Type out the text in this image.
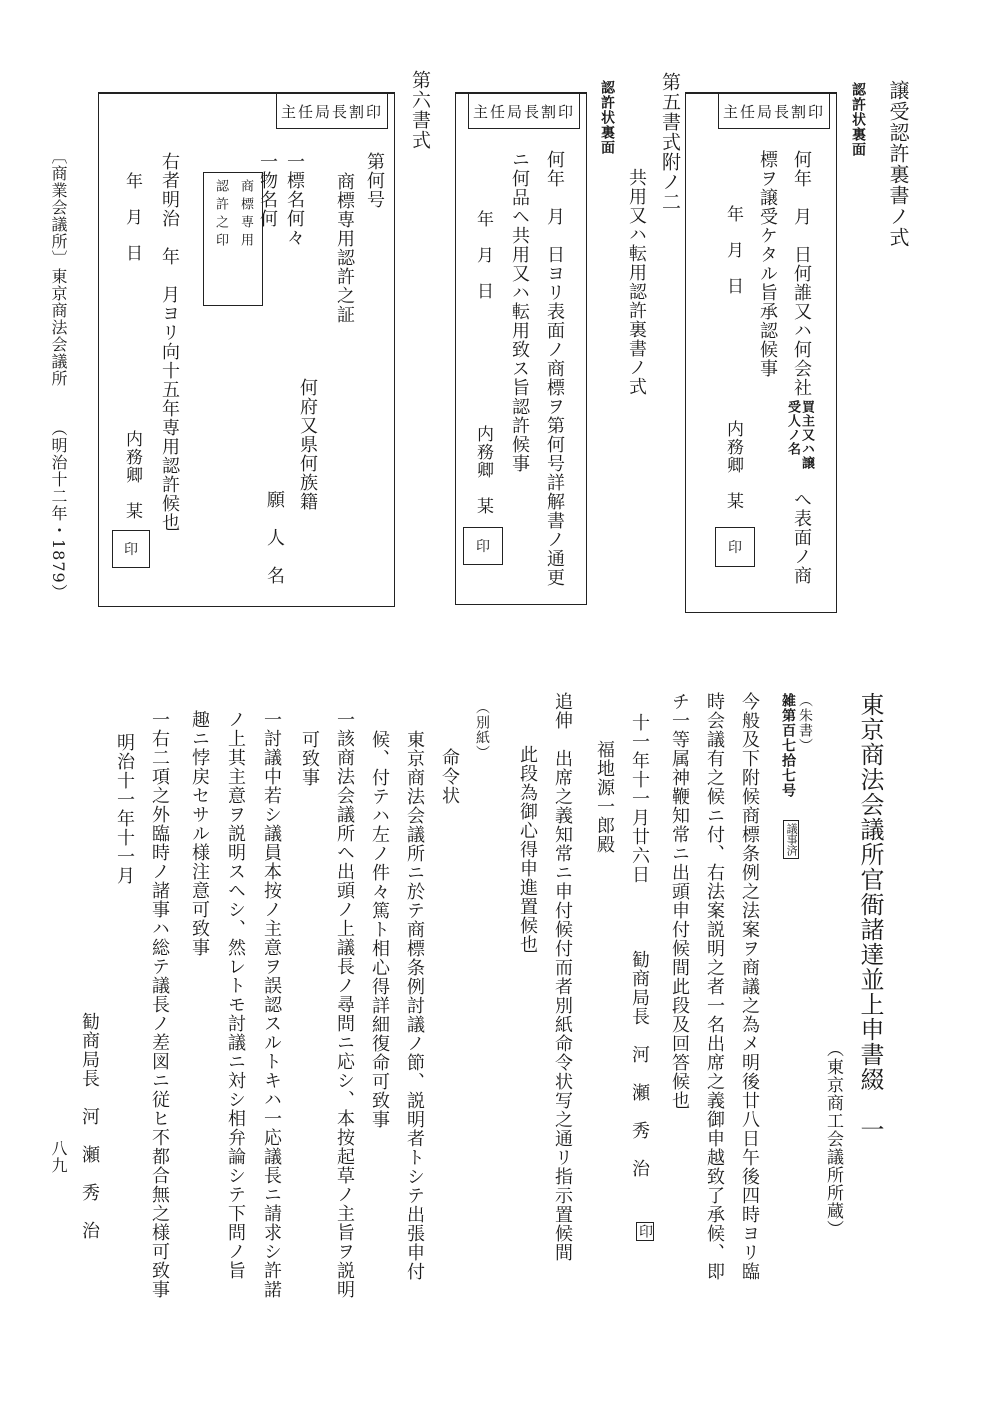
譲受認許裏書ノ式
認許状裏面
主任局長割印
何年　月　日何誰又ハ何会社
買主又ハ譲
受人ノ名
へ表面ノ商
標ヲ譲受ケタル旨承認候事
年　月　日
内務卿　某
印
第五書式附ノ二
共用又ハ転用認許裏書ノ式
認許状裏面
主任局長割印
何年　月　日ヨリ表面ノ商標ヲ第何号詳解書ノ通更
ニ何品ヘ共用又ハ転用致ス旨認許候事
年　月　日
内務卿　某
印
第六書式
主任局長割印
第何号
商標専用認許之証
何府又県何族籍
願　人　名
一標名何々
一物名何
商標専用
認許之印
右者明治　年　月ヨリ向十五年専用認許候也
年　月　日
内務卿　某
印
〔商業会議所〕
東京商法会議所
（明治十二年・1879）
東京商法会議所官衙諸達並上申書綴　一
（東京商工会議所所蔵）
（朱書）
雑第百七拾七号
議事済
今般及下附候商標条例之法案ヲ商議之為メ明後廿八日午後四時ヨリ臨
時会議有之候ニ付、右法案説明之者一名出席之義御申越致了承候、即
チ一等属神鞭知常ニ出頭申付候間此段及回答候也
十一年十一月廿六日
勧商局長　河　瀬　秀　治
印
福地源一郎殿
追伸　出席之義知常ニ申付候付而者別紙命令状写之通リ指示置候間
此段為御心得申進置候也
（別紙）
命令状
東京商法会議所ニ於テ商標条例討議ノ節、説明者トシテ出張申付
候、付テハ左ノ件々篤ト相心得詳細復命可致事
一該商法会議所ヘ出頭ノ上議長ノ尋問ニ応シ、本按起草ノ主旨ヲ説明
可致事
一討議中若シ議員本按ノ主意ヲ誤認スルトキハ一応議長ニ請求シ許諾
ノ上其主意ヲ説明スヘシ、然レトモ討議ニ対シ相弁論シテ下問ノ旨
趣ニ悖戻セサル様注意可致事
一右二項之外臨時ノ諸事ハ総テ議長ノ差図ニ従ヒ不都合無之様可致事
明治十一年十一月
勧商局長　河　瀬　秀　治
八九
